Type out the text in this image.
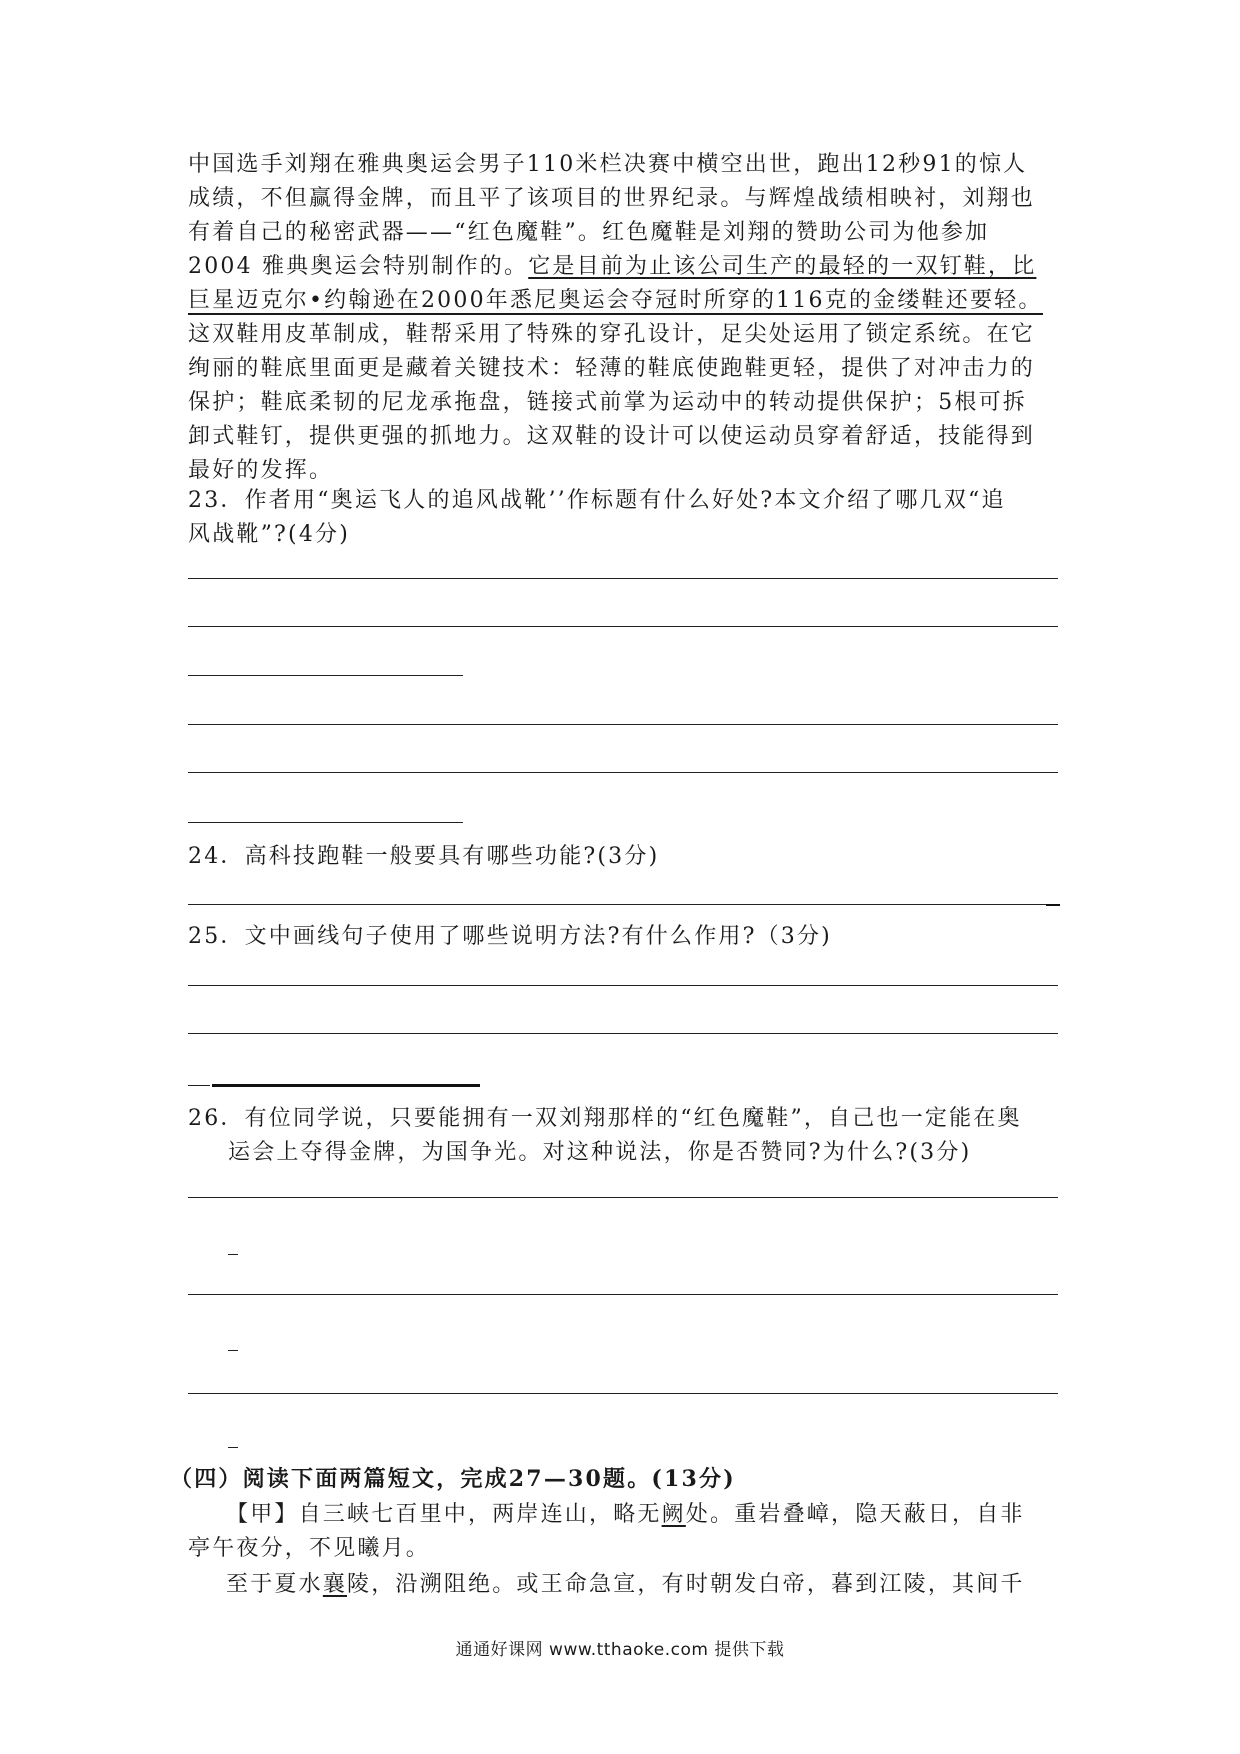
中国选手刘翔在雅典奥运会男子110米栏决赛中横空出世，跑出12秒91的惊人
成绩，不但赢得金牌，而且平了该项目的世界纪录。与辉煌战绩相映衬，刘翔也
有着自己的秘密武器——“红色魔鞋”。红色魔鞋是刘翔的赞助公司为他参加
2004 雅典奥运会特别制作的。它是目前为止该公司生产的最轻的一双钉鞋，比
巨星迈克尔•约翰逊在2000年悉尼奥运会夺冠时所穿的116克的金缕鞋还要轻。
这双鞋用皮革制成，鞋帮采用了特殊的穿孔设计，足尖处运用了锁定系统。在它
绚丽的鞋底里面更是藏着关键技术：轻薄的鞋底使跑鞋更轻，提供了对冲击力的
保护；鞋底柔韧的尼龙承拖盘，链接式前掌为运动中的转动提供保护；5根可拆
卸式鞋钉，提供更强的抓地力。这双鞋的设计可以使运动员穿着舒适，技能得到
最好的发挥。
23．作者用“奥运飞人的追风战靴’’作标题有什么好处?本文介绍了哪几双“追
风战靴”?(4分)
24．高科技跑鞋一般要具有哪些功能?(3分)
25．文中画线句子使用了哪些说明方法?有什么作用?（3分)
26．有位同学说，只要能拥有一双刘翔那样的“红色魔鞋”，自己也一定能在奥
运会上夺得金牌，为国争光。对这种说法，你是否赞同?为什么?(3分)
（四）阅读下面两篇短文，完成27—30题。(13分)
【甲】自三峡七百里中，两岸连山，略无阙处。重岩叠嶂，隐天蔽日，自非
亭午夜分，不见曦月。
至于夏水襄陵，沿溯阻绝。或王命急宣，有时朝发白帝，暮到江陵，其间千
通通好课网 www.tthaoke.com 提供下载
